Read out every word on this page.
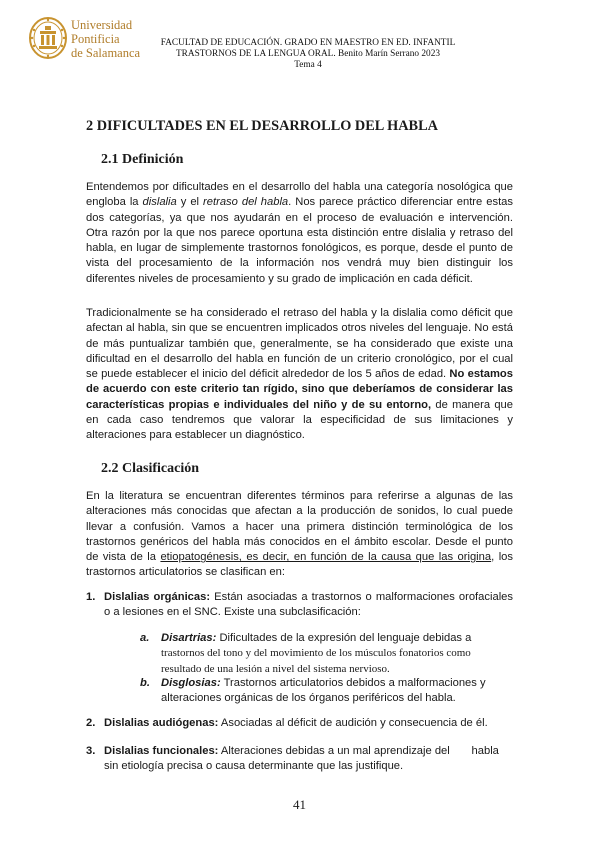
Universidad
Pontificia
de Salamanca
FACULTAD DE EDUCACIÓN. GRADO EN MAESTRO EN ED. INFANTIL
TRASTORNOS DE LA LENGUA ORAL. Benito Marín Serrano 2023
Tema 4
2 DIFICULTADES EN EL DESARROLLO DEL HABLA
2.1 Definición
Entendemos por dificultades en el desarrollo del habla una categoría nosológica que engloba la dislalia y el retraso del habla. Nos parece práctico diferenciar entre estas dos categorías, ya que nos ayudarán en el proceso de evaluación e intervención. Otra razón por la que nos parece oportuna esta distinción entre dislalia y retraso del habla, en lugar de simplemente trastornos fonológicos, es porque, desde el punto de vista del procesamiento de la información nos vendrá muy bien distinguir los diferentes niveles de procesamiento y su grado de implicación en cada déficit.
Tradicionalmente se ha considerado el retraso del habla y la dislalia como déficit que afectan al habla, sin que se encuentren implicados otros niveles del lenguaje. No está de más puntualizar también que, generalmente, se ha considerado que existe una dificultad en el desarrollo del habla en función de un criterio cronológico, por el cual se puede establecer el inicio del déficit alrededor de los 5 años de edad. No estamos de acuerdo con este criterio tan rígido, sino que deberíamos de considerar las características propias e individuales del niño y de su entorno, de manera que en cada caso tendremos que valorar la especificidad de sus limitaciones y alteraciones para establecer un diagnóstico.
2.2 Clasificación
En la literatura se encuentran diferentes términos para referirse a algunas de las alteraciones más conocidas que afectan a la producción de sonidos, lo cual puede llevar a confusión. Vamos a hacer una primera distinción terminológica de los trastornos genéricos del habla más conocidos en el ámbito escolar. Desde el punto de vista de la etiopatogénesis, es decir, en función de la causa que las origina, los trastornos articulatorios se clasifican en:
1. Dislalias orgánicas: Están asociadas a trastornos o malformaciones orofaciales o a lesiones en el SNC. Existe una subclasificación:
a. Disartrias: Dificultades de la expresión del lenguaje debidas a trastornos del tono y del movimiento de los músculos fonatorios como resultado de una lesión a nivel del sistema nervioso.
b. Disglosias: Trastornos articulatorios debidos a malformaciones y alteraciones orgánicas de los órganos periféricos del habla.
2. Dislalias audiógenas: Asociadas al déficit de audición y consecuencia de él.
3. Dislalias funcionales: Alteraciones debidas a un mal aprendizaje del       habla sin etiología precisa o causa determinante que las justifique.
41
